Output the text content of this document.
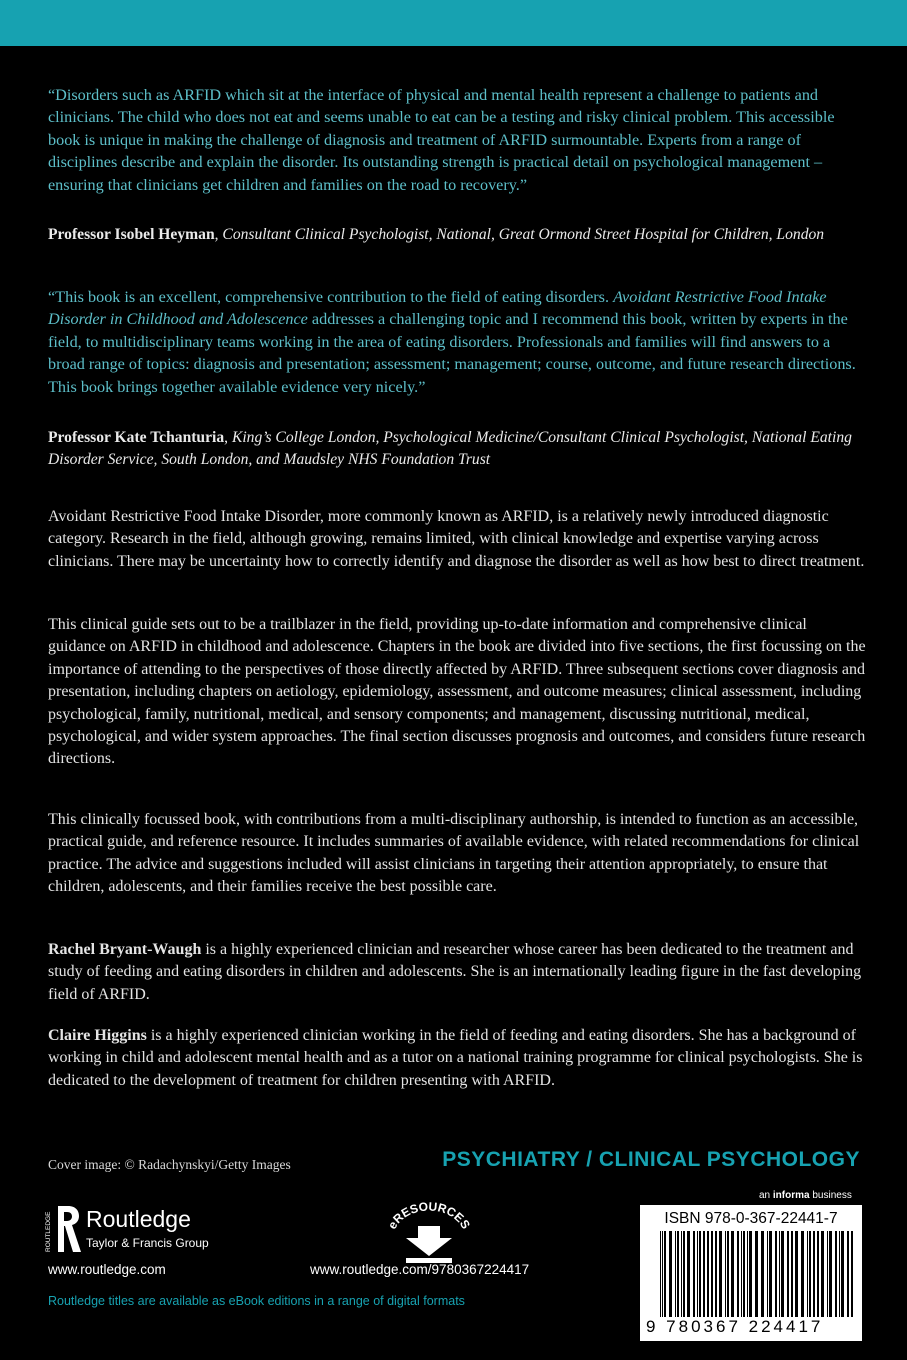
“Disorders such as ARFID which sit at the interface of physical and mental health represent a challenge to patients and clinicians. The child who does not eat and seems unable to eat can be a testing and risky clinical problem. This accessible book is unique in making the challenge of diagnosis and treatment of ARFID surmountable. Experts from a range of disciplines describe and explain the disorder. Its outstanding strength is practical detail on psychological management – ensuring that clinicians get children and families on the road to recovery.”

Professor Isobel Heyman, Consultant Clinical Psychologist, National, Great Ormond Street Hospital for Children, London

“This book is an excellent, comprehensive contribution to the field of eating disorders. Avoidant Restrictive Food Intake Disorder in Childhood and Adolescence addresses a challenging topic and I recommend this book, written by experts in the field, to multidisciplinary teams working in the area of eating disorders. Professionals and families will find answers to a broad range of topics: diagnosis and presentation; assessment; management; course, outcome, and future research directions. This book brings together available evidence very nicely.”

Professor Kate Tchanturia, King’s College London, Psychological Medicine/Consultant Clinical Psychologist, National Eating Disorder Service, South London, and Maudsley NHS Foundation Trust

Avoidant Restrictive Food Intake Disorder, more commonly known as ARFID, is a relatively newly introduced diagnostic category. Research in the field, although growing, remains limited, with clinical knowledge and expertise varying across clinicians. There may be uncertainty how to correctly identify and diagnose the disorder as well as how best to direct treatment.

This clinical guide sets out to be a trailblazer in the field, providing up-to-date information and comprehensive clinical guidance on ARFID in childhood and adolescence. Chapters in the book are divided into five sections, the first focussing on the importance of attending to the perspectives of those directly affected by ARFID. Three subsequent sections cover diagnosis and presentation, including chapters on aetiology, epidemiology, assessment, and outcome measures; clinical assessment, including psychological, family, nutritional, medical, and sensory components; and management, discussing nutritional, medical, psychological, and wider system approaches. The final section discusses prognosis and outcomes, and considers future research directions.

This clinically focussed book, with contributions from a multi-disciplinary authorship, is intended to function as an accessible, practical guide, and reference resource. It includes summaries of available evidence, with related recommendations for clinical practice. The advice and suggestions included will assist clinicians in targeting their attention appropriately, to ensure that children, adolescents, and their families receive the best possible care.

Rachel Bryant-Waugh is a highly experienced clinician and researcher whose career has been dedicated to the treatment and study of feeding and eating disorders in children and adolescents. She is an internationally leading figure in the fast developing field of ARFID.

Claire Higgins is a highly experienced clinician working in the field of feeding and eating disorders. She has a background of working in child and adolescent mental health and as a tutor on a national training programme for clinical psychologists. She is dedicated to the development of treatment for children presenting with ARFID.

Cover image: © Radachynskyi/Getty Images	PSYCHIATRY / CLINICAL PSYCHOLOGY
an informa business
ROUTLEDGE Routledge
Taylor & Francis Group
eRESOURCES
www.routledge.com	www.routledge.com/9780367224417
Routledge titles are available as eBook editions in a range of digital formats
ISBN 978-0-367-22441-7
9 780367 224417
